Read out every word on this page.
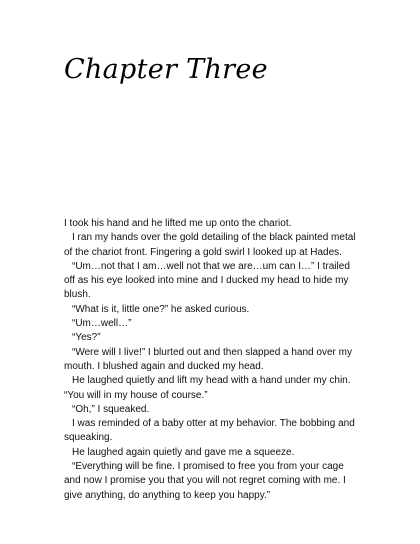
Chapter Three

I took his hand and he lifted me up onto the chariot.

I ran my hands over the gold detailing of the black painted metal of the chariot front. Fingering a gold swirl I looked up at Hades.

“Um…not that I am…well not that we are…um can I…” I trailed off as his eye looked into mine and I ducked my head to hide my blush.

“What is it, little one?” he asked curious.

“Um…well…”

“Yes?”

“Were will I live!” I blurted out and then slapped a hand over my mouth. I blushed again and ducked my head.

He laughed quietly and lift my head with a hand under my chin. “You will in my house of course.”

“Oh,” I squeaked.

I was reminded of a baby otter at my behavior. The bobbing and squeaking.

He laughed again quietly and gave me a squeeze.

“Everything will be fine. I promised to free you from your cage and now I promise you that you will not regret coming with me. I give anything, do anything to keep you happy.”
